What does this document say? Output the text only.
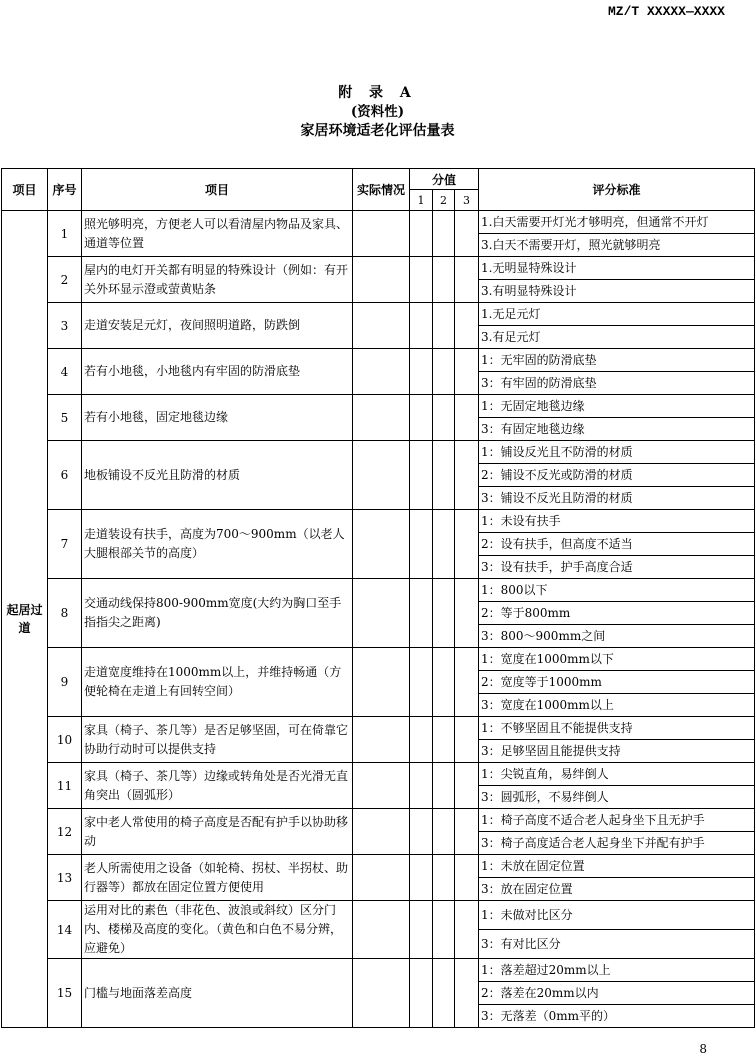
MZ/T XXXXX—XXXX
附 录 A
(资料性)
家居环境适老化评估量表
项目	序号	项目	实际情况	分值			评分标准
				1	2	3	
起居过道	1	照光够明亮，方便老人可以看清屋内物品及家具、通道等位置					1.白天需要开灯光才够明亮，但通常不开灯
							3.白天不需要开灯，照光就够明亮
	2	屋内的电灯开关都有明显的特殊设计（例如：有开关外环显示澄或萤黄贴条					1.无明显特殊设计
							3.有明显特殊设计
	3	走道安装足元灯，夜间照明道路，防跌倒					1.无足元灯
							3.有足元灯
	4	若有小地毯，小地毯内有牢固的防滑底垫					1：无牢固的防滑底垫
							3：有牢固的防滑底垫
	5	若有小地毯，固定地毯边缘					1：无固定地毯边缘
							3：有固定地毯边缘
	6	地板铺设不反光且防滑的材质					1：铺设反光且不防滑的材质
							2：铺设不反光或防滑的材质
							3：铺设不反光且防滑的材质
	7	走道装设有扶手，高度为700～900mm（以老人大腿根部关节的高度）					1：未设有扶手
							2：设有扶手，但高度不适当
							3：设有扶手，护手高度合适
	8	交通动线保持800-900mm宽度(大约为胸口至手指指尖之距离)					1：800以下
							2：等于800mm
							3：800～900mm之间
	9	走道宽度维持在1000mm以上，并维持畅通（方便轮椅在走道上有回转空间）					1：宽度在1000mm以下
							2：宽度等于1000mm
							3：宽度在1000mm以上
	10	家具（椅子、茶几等）是否足够坚固，可在倚靠它协助行动时可以提供支持					1：不够坚固且不能提供支持
							3：足够坚固且能提供支持
	11	家具（椅子、茶几等）边缘或转角处是否光滑无直角突出（圆弧形）					1：尖锐直角，易绊倒人
							3：圆弧形，不易绊倒人
	12	家中老人常使用的椅子高度是否配有护手以协助移动					1：椅子高度不适合老人起身坐下且无护手
							3：椅子高度适合老人起身坐下并配有护手
	13	老人所需使用之设备（如轮椅、拐杖、半拐杖、助行器等）都放在固定位置方便使用					1：未放在固定位置
							3：放在固定位置
	14	运用对比的素色（非花色、波浪或斜纹）区分门内、楼梯及高度的变化。（黄色和白色不易分辨，应避免）					1：未做对比区分
							3：有对比区分
	15	门槛与地面落差高度					1：落差超过20mm以上
							2：落差在20mm以内
							3：无落差（0mm平的）
8
